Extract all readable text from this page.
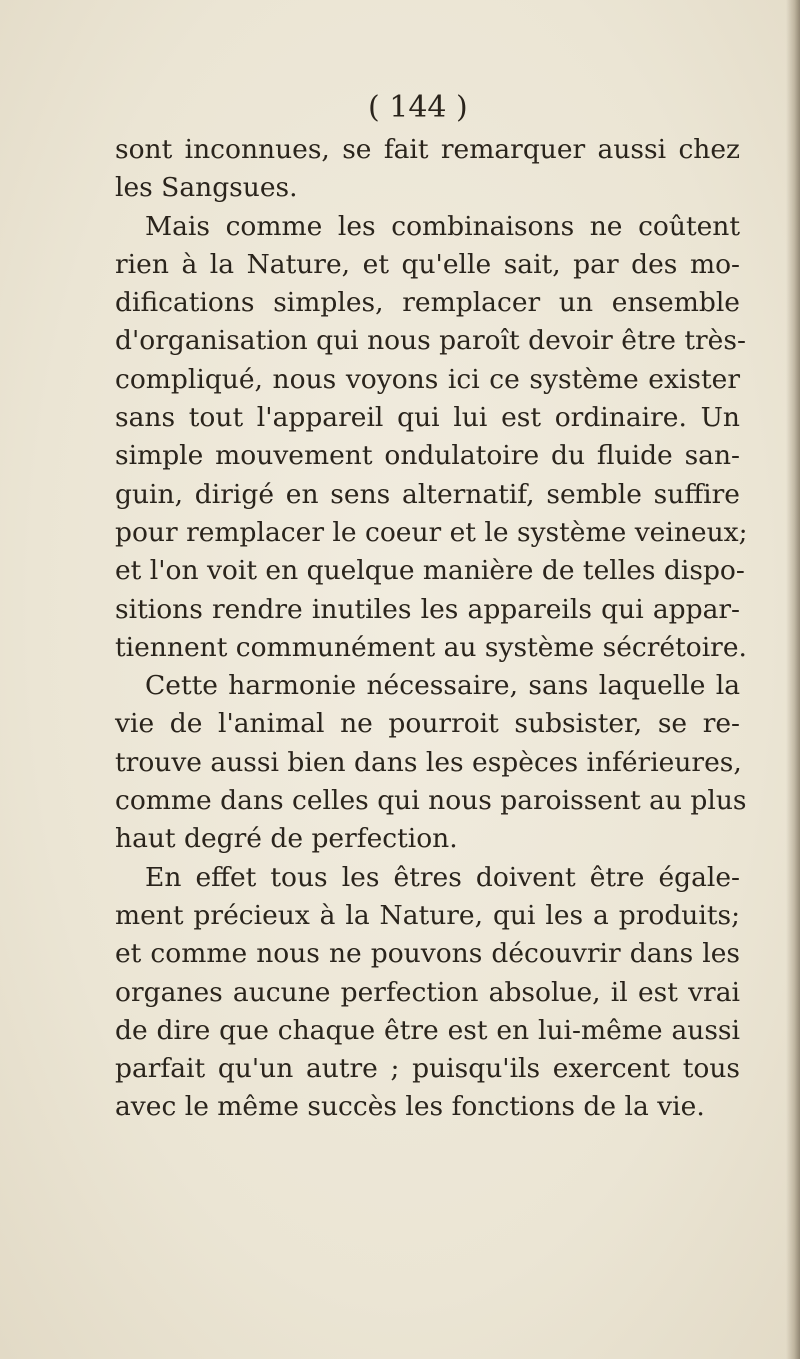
( 144 )
sont inconnues, se fait remarquer aussi chez
les Sangsues.
Mais comme les combinaisons ne coûtent
rien à la Nature, et qu'elle sait, par des mo-
difications simples, remplacer un ensemble
d'organisation qui nous paroît devoir être très-
compliqué, nous voyons ici ce système exister
sans tout l'appareil qui lui est ordinaire. Un
simple mouvement ondulatoire du fluide san-
guin, dirigé en sens alternatif, semble suffire
pour remplacer le coeur et le système veineux;
et l'on voit en quelque manière de telles dispo-
sitions rendre inutiles les appareils qui appar-
tiennent communément au système sécrétoire.
Cette harmonie nécessaire, sans laquelle la
vie de l'animal ne pourroit subsister, se re-
trouve aussi bien dans les espèces inférieures,
comme dans celles qui nous paroissent au plus
haut degré de perfection.
En effet tous les êtres doivent être égale-
ment précieux à la Nature, qui les a produits;
et comme nous ne pouvons découvrir dans les
organes aucune perfection absolue, il est vrai
de dire que chaque être est en lui-même aussi
parfait qu'un autre ; puisqu'ils exercent tous
avec le même succès les fonctions de la vie.
